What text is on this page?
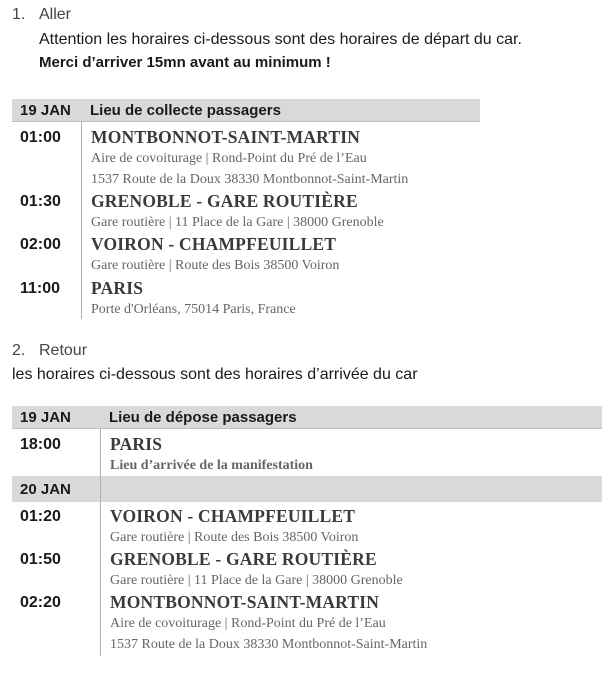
1. Aller
Attention les horaires ci-dessous sont des horaires de départ du car.
Merci d’arriver 15mn avant au minimum !
19 JAN Lieu de collecte passagers
01:00 MONTBONNOT-SAINT-MARTIN
Aire de covoiturage | Rond-Point du Pré de l’Eau
1537 Route de la Doux 38330 Montbonnot-Saint-Martin
01:30 GRENOBLE - GARE ROUTIÈRE
Gare routière | 11 Place de la Gare | 38000 Grenoble
02:00 VOIRON - CHAMPFEUILLET
Gare routière | Route des Bois 38500 Voiron
11:00 PARIS
Porte d'Orléans, 75014 Paris, France
2. Retour
les horaires ci-dessous sont des horaires d’arrivée du car
19 JAN	Lieu de dépose passagers
18:00	PARIS
Lieu d’arrivée de la manifestation
20 JAN
01:20	VOIRON - CHAMPFEUILLET
Gare routière | Route des Bois 38500 Voiron
01:50	GRENOBLE - GARE ROUTIÈRE
Gare routière | 11 Place de la Gare | 38000 Grenoble
02:20	MONTBONNOT-SAINT-MARTIN
Aire de covoiturage | Rond-Point du Pré de l’Eau
1537 Route de la Doux 38330 Montbonnot-Saint-Martin
